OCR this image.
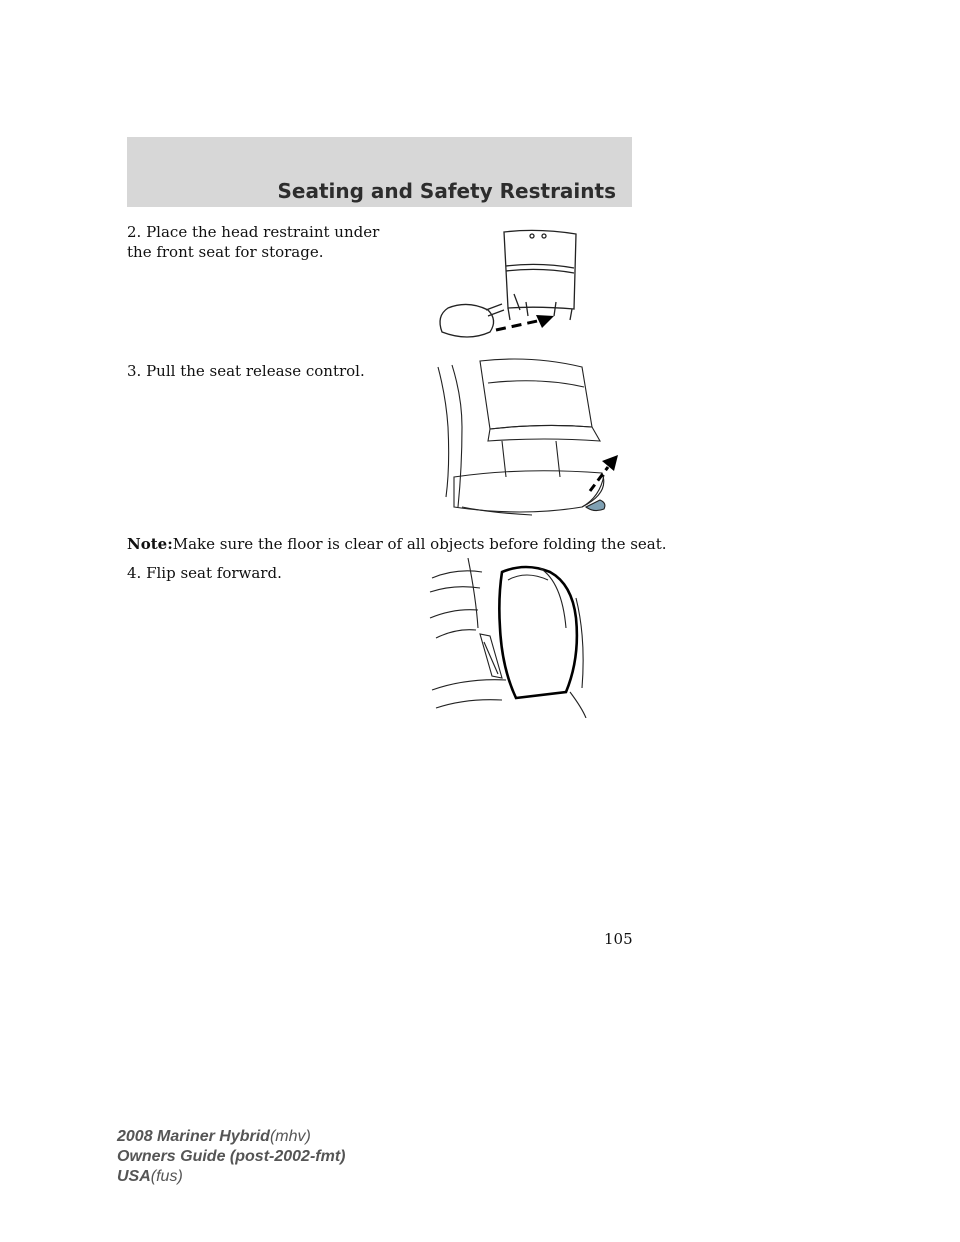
Seating and Safety Restraints

2. Place the head restraint under

the front seat for storage.

3. Pull the seat release control.

Note:Make sure the floor is clear of all objects before folding the seat.

4. Flip seat forward.

105
2008 Mariner Hybrid(mhv)
Owners Guide (post-2002-fmt)
USA(fus)
